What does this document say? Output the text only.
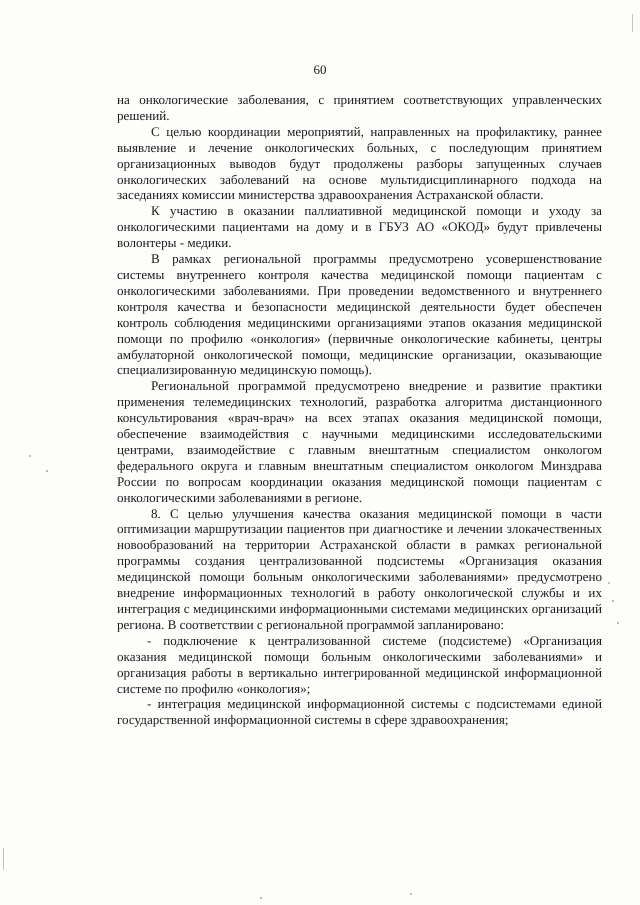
60

на онкологические заболевания, с принятием соответствующих управленческих решений.

С целью координации мероприятий, направленных на профилактику, раннее выявление и лечение онкологических больных, с последующим принятием организационных выводов будут продолжены разборы запущенных случаев онкологических заболеваний на основе мультидисциплинарного подхода на заседаниях комиссии министерства здравоохранения Астраханской области.

К участию в оказании паллиативной медицинской помощи и уходу за онкологическими пациентами на дому и в ГБУЗ АО «ОКОД» будут привлечены волонтеры - медики.

В рамках региональной программы предусмотрено усовершенствование системы внутреннего контроля качества медицинской помощи пациентам с онкологическими заболеваниями. При проведении ведомственного и внутреннего контроля качества и безопасности медицинской деятельности будет обеспечен контроль соблюдения медицинскими организациями этапов оказания медицинской помощи по профилю «онкология» (первичные онкологические кабинеты, центры амбулаторной онкологической помощи, медицинские организации, оказывающие специализированную медицинскую помощь).

Региональной программой предусмотрено внедрение и развитие практики применения телемедицинских технологий, разработка алгоритма дистанционного консультирования «врач-врач» на всех этапах оказания медицинской помощи, обеспечение взаимодействия с научными медицинскими исследовательскими центрами, взаимодействие с главным внештатным специалистом онкологом федерального округа и главным внештатным специалистом онкологом Минздрава России по вопросам координации оказания медицинской помощи пациентам с онкологическими заболеваниями в регионе.

8. С целью улучшения качества оказания медицинской помощи в части оптимизации маршрутизации пациентов при диагностике и лечении злокачественных новообразований на территории Астраханской области в рамках региональной программы создания централизованной подсистемы «Организация оказания медицинской помощи больным онкологическими заболеваниями» предусмотрено внедрение информационных технологий в работу онкологической службы и их интеграция с медицинскими информационными системами медицинских организаций региона. В соответствии с региональной программой запланировано:

- подключение к централизованной системе (подсистеме) «Организация оказания медицинской помощи больным онкологическими заболеваниями» и организация работы в вертикально интегрированной медицинской информационной системе по профилю «онкология»;

- интеграция медицинской информационной системы с подсистемами единой государственной информационной системы в сфере здравоохранения;
